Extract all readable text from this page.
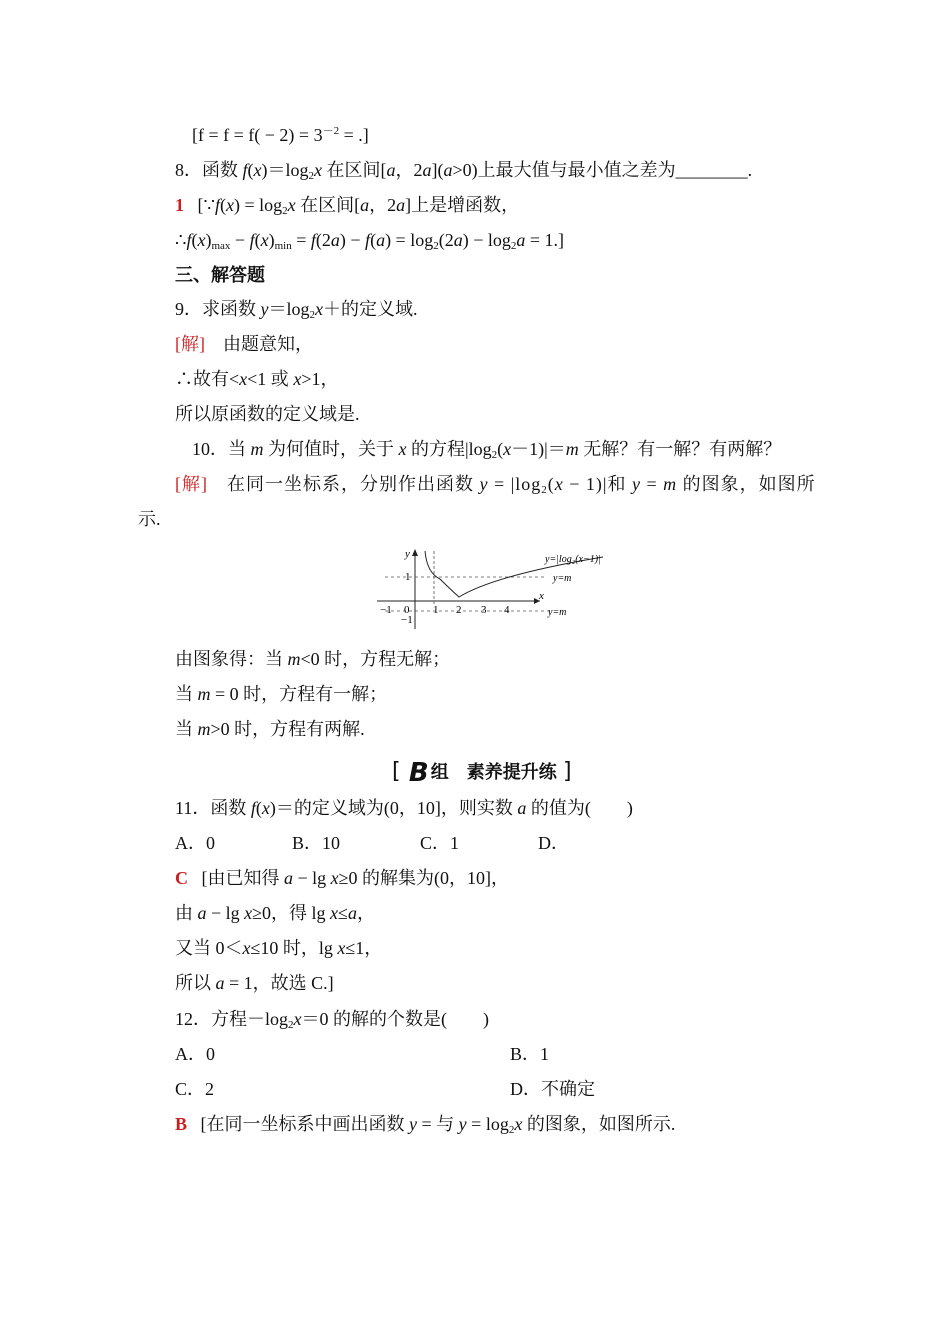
[$f = f = f( - 2) = 3^{-2}$ = .]
8．函数 $f(x)=\log_2x$ 在区间[a，2a](a>0)上最大值与最小值之差为________.
1 [∵f(x) = $\log_2x$ 在区间[a，2a]上是增函数，
$\therefore f(x)_{max} - f(x)_{min} = f(2a) - f(a) = \log_2(2a) - \log_2a = 1$.]
三、解答题
9．求函数 $y=\log_2x+$的定义域.
[解]　由题意知，
∴故有<x<1 或 x>1，
所以原函数的定义域是.
10．当 m 为何值时，关于 x 的方程$|\log_2(x-1)|=m$ 无解？有一解？有两解？
[解]　在同一坐标系，分别作出函数 $y = |\log_2(x - 1)|$和 y = m 的图象，如图所
示.
y
x
1
−1
−1 0 1 2 3 4
y=|log₂(x−1)|
y=m
y=m
由图象得：当 m<0 时，方程无解；
当 m = 0 时，方程有一解；
当 m>0 时，方程有两解.
[ B 组　素养提升练 ]
11．函数 f(x)＝的定义域为(0，10]，则实数 a 的值为(　　)
A．0	B．10	C．1	D．
C [由已知得 a − lg x≥0 的解集为(0，10]，
由 a − lg x≥0，得 lg x≤a，
又当 0＜x≤10 时，lg x≤1，
所以 a = 1，故选 C.]
12．方程$-\log_2x=0$ 的解的个数是(　　)
A．0	B．1
C．2	D．不确定
B [在同一坐标系中画出函数 y = 与 $y = \log_2x$ 的图象，如图所示.
